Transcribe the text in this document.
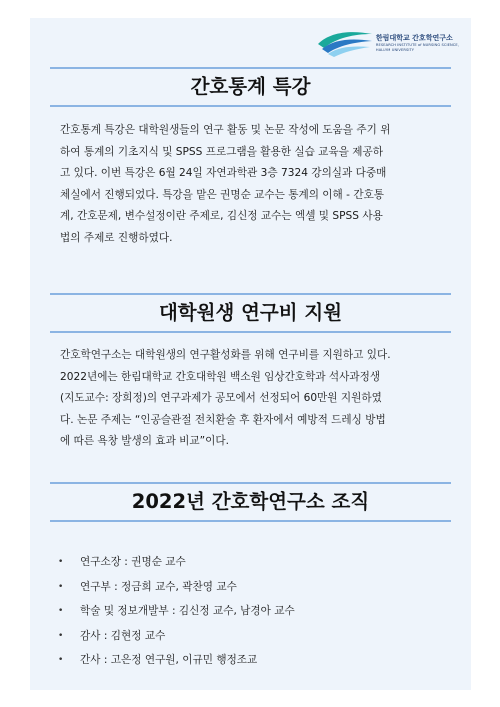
한림대학교 간호학연구소
RESEARCH INSTITUTE of NURSING SCIENCE,
HALLYM UNIVERSITY
간호통계 특강
간호통계 특강은 대학원생들의 연구 활동 및 논문 작성에 도움을 주기 위
하여 통계의 기초지식 및 SPSS 프로그램을 활용한 실습 교육을 제공하
고 있다. 이번 특강은 6월 24일 자연과학관 3층 7324 강의실과 다중매
체실에서 진행되었다. 특강을 맡은 권명순 교수는 통계의 이해 - 간호통
계, 간호문제, 변수설정이란 주제로, 김신정 교수는 엑셀 및 SPSS 사용
법의 주제로 진행하였다.
대학원생 연구비 지원
간호학연구소는 대학원생의 연구활성화를 위해 연구비를 지원하고 있다.
2022년에는 한림대학교 간호대학원 백소원 임상간호학과 석사과정생
(지도교수: 장희정)의 연구과제가 공모에서 선정되어 60만원 지원하였
다. 논문 주제는 “인공슬관절 전치환술 후 환자에서 예방적 드레싱 방법
에 따른 욕창 발생의 효과 비교”이다.
2022년 간호학연구소 조직
•	연구소장 : 권명순 교수
•	연구부 : 정금희 교수, 곽찬영 교수
•	학술 및 정보개발부 : 김신정 교수, 남경아 교수
•	감사 : 김현정 교수
•	간사 : 고은정 연구원, 이규민 행정조교
